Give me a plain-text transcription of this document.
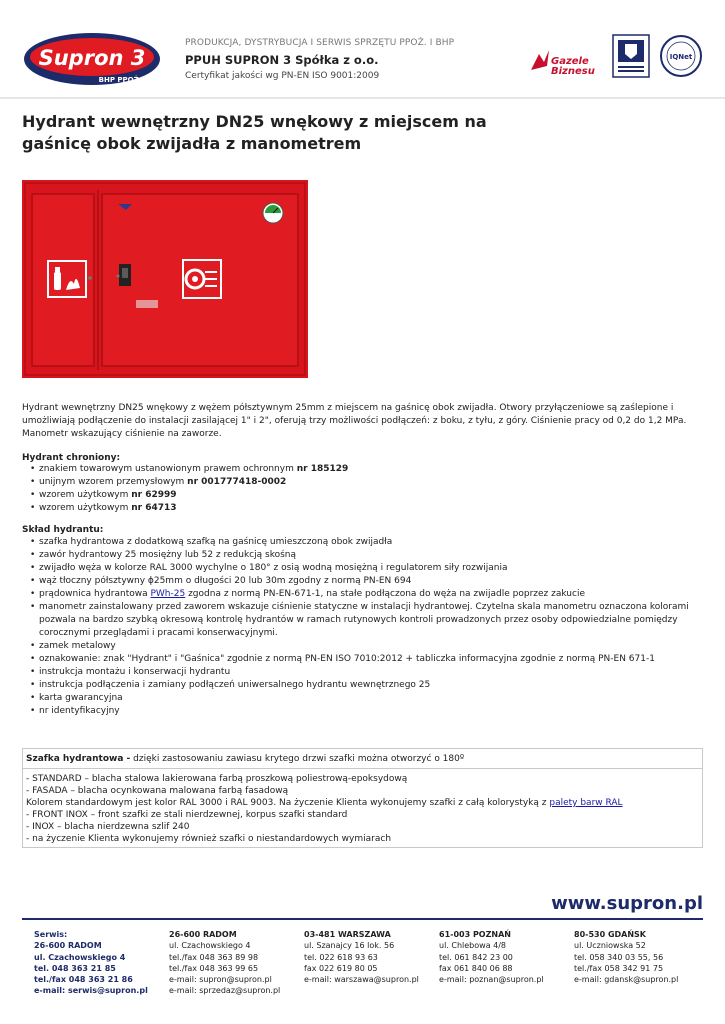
Supron 3
BHP PPOŻ.
PRODUKCJA, DYSTRYBUCJA I SERWIS SPRZĘTU PPOŻ. I BHP
PPUH SUPRON 3 Spółka z o.o.
Certyfikat jakości wg PN-EN ISO 9001:2009
Gazele
Biznesu
IQNet
Hydrant wewnętrzny DN25 wnękowy z miejscem na
gaśnicę obok zwijadła z manometrem

Hydrant wewnętrzny DN25 wnękowy z wężem półsztywnym 25mm z miejscem na gaśnicę obok zwijadła. Otwory przyłączeniowe są zaślepione i umożliwiają podłączenie do instalacji zasilającej 1" i 2", oferują trzy możliwości podłączeń: z boku, z tyłu, z góry. Ciśnienie pracy od 0,2 do 1,2 MPa. Manometr wskazujący ciśnienie na zaworze.

Hydrant chroniony:

• znakiem towarowym ustanowionym prawem ochronnym nr 185129
• unijnym wzorem przemysłowym nr 001777418-0002
• wzorem użytkowym nr 62999
• wzorem użytkowym nr 64713

Skład hydrantu:

• szafka hydrantowa z dodatkową szafką na gaśnicę umieszczoną obok zwijadła
• zawór hydrantowy 25 mosiężny lub 52 z redukcją skośną
• zwijadło węża w kolorze RAL 3000 wychylne o 180° z osią wodną mosiężną i regulatorem siły rozwijania
• wąż tłoczny półsztywny ɸ25mm o długości 20 lub 30m zgodny z normą PN-EN 694
• prądownica hydrantowa PWh-25 zgodna z normą PN-EN-671-1, na stałe podłączona do węża na zwijadle poprzez zakucie
• manometr zainstalowany przed zaworem wskazuje ciśnienie statyczne w instalacji hydrantowej. Czytelna skala manometru oznaczona kolorami pozwala na bardzo szybką okresową kontrolę hydrantów w ramach rutynowych kontroli prowadzonych przez osoby odpowiedzialne pomiędzy corocznymi przeglądami i pracami konserwacyjnymi.
• zamek metalowy
• oznakowanie: znak "Hydrant" i "Gaśnica" zgodnie z normą PN-EN ISO 7010:2012 + tabliczka informacyjna zgodnie z normą PN-EN 671-1
• instrukcja montażu i konserwacji hydrantu
• instrukcja podłączenia i zamiany podłączeń uniwersalnego hydrantu wewnętrznego 25
• karta gwarancyjna
• nr identyfikacyjny
Szafka hydrantowa - dzięki zastosowaniu zawiasu krytego drzwi szafki można otworzyć o 180º
- STANDARD – blacha stalowa lakierowana farbą proszkową poliestrową-epoksydową
- FASADA – blacha ocynkowana malowana farbą fasadową
Kolorem standardowym jest kolor RAL 3000 i RAL 9003. Na życzenie Klienta wykonujemy szafki z całą kolorystyką z palety barw RAL
- FRONT INOX – front szafki ze stali nierdzewnej, korpus szafki standard
- INOX – blacha nierdzewna szlif 240
- na życzenie Klienta wykonujemy również szafki o niestandardowych wymiarach
www.supron.pl
Serwis:
26-600 RADOM
ul. Czachowskiego 4
tel. 048 363 21 85
tel./fax 048 363 21 86
e-mail: serwis@supron.pl
26-600 RADOM
ul. Czachowskiego 4
tel./fax 048 363 89 98
tel./fax 048 363 99 65
e-mail: supron@supron.pl
e-mail: sprzedaz@supron.pl
03-481 WARSZAWA
ul. Szanajcy 16 lok. 56
tel. 022 618 93 63
fax 022 619 80 05
e-mail: warszawa@supron.pl
61-003 POZNAŃ
ul. Chlebowa 4/8
tel. 061 842 23 00
fax 061 840 06 88
e-mail: poznan@supron.pl
80-530 GDAŃSK
ul. Uczniowska 52
tel. 058 340 03 55, 56
tel./fax 058 342 91 75
e-mail: gdansk@supron.pl
